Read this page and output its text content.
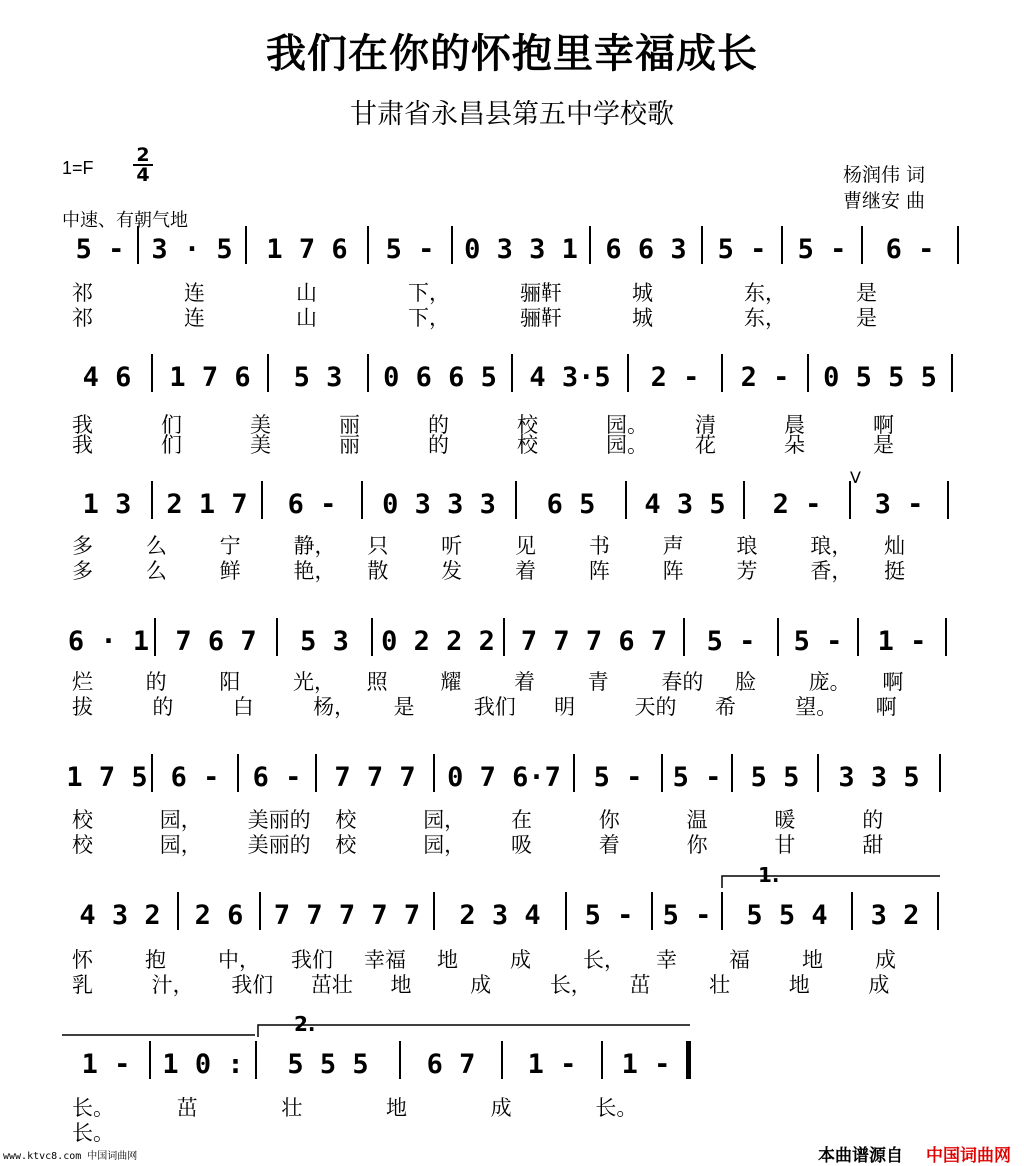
我们在你的怀抱里幸福成长
甘肃省永昌县第五中学校歌
1=F
2
4
中速、有朝气地
杨润伟 词
曹继安 曲
5 - 3 · 5 1 7 6 5 - 0 3 3 1 6 6 3 5 - 5 - 6 -
祁	连	山	下，	骊靬	城	东，	是
祁	连	山	下，	骊靬	城	东，	是
4 6 1 7 6 5 3 0 6 6 5 4 3·5 2 - 2 - 0 5 5 5
我	们	美	丽	的	校	园。 清	晨	啊
我	们	美	丽	的	校	园。 花	朵	是
1 3 2 1 7 6 - 0 3 3 3 6 5 4 3 5 2 - 3 -
多	么	宁	静， 只	听	见	书	声	琅	琅， 灿
多	么	鲜	艳， 散	发	着	阵	阵	芳	香， 挺
V
6 · 1 7 6 7 5 3 0 2 2 2 7 7 7 6 7 5 - 5 - 1 -
烂	的	阳	光， 照	耀	着	青	春的 脸	庞。 啊
拔	的	白	杨， 是	我们 明	天的 希	望。 啊
1 7 5 6 - 6 - 7 7 7 0 7 6·7 5 - 5 - 5 5 3 3 5
校	园， 美丽的 校	园， 在	你	温	暖	的
校	园， 美丽的 校	园， 吸	着	你	甘	甜
4 3 2 2 6 7 7 7 7 7 2 3 4 5 - 5 - 5 5 4 3 2
怀 抱 中， 我们 幸福 地 成 长， 幸 福 地 成
乳	汁， 我们 茁壮 地	成	长， 茁	壮	地	成
1.
1 - 1 0 : 5 5 5 6 7 1 - 1 -
长。	茁	壮	地	成	长。
长。
2.
www.ktvc8.com 中国词曲网	本曲谱源自 中国词曲网
